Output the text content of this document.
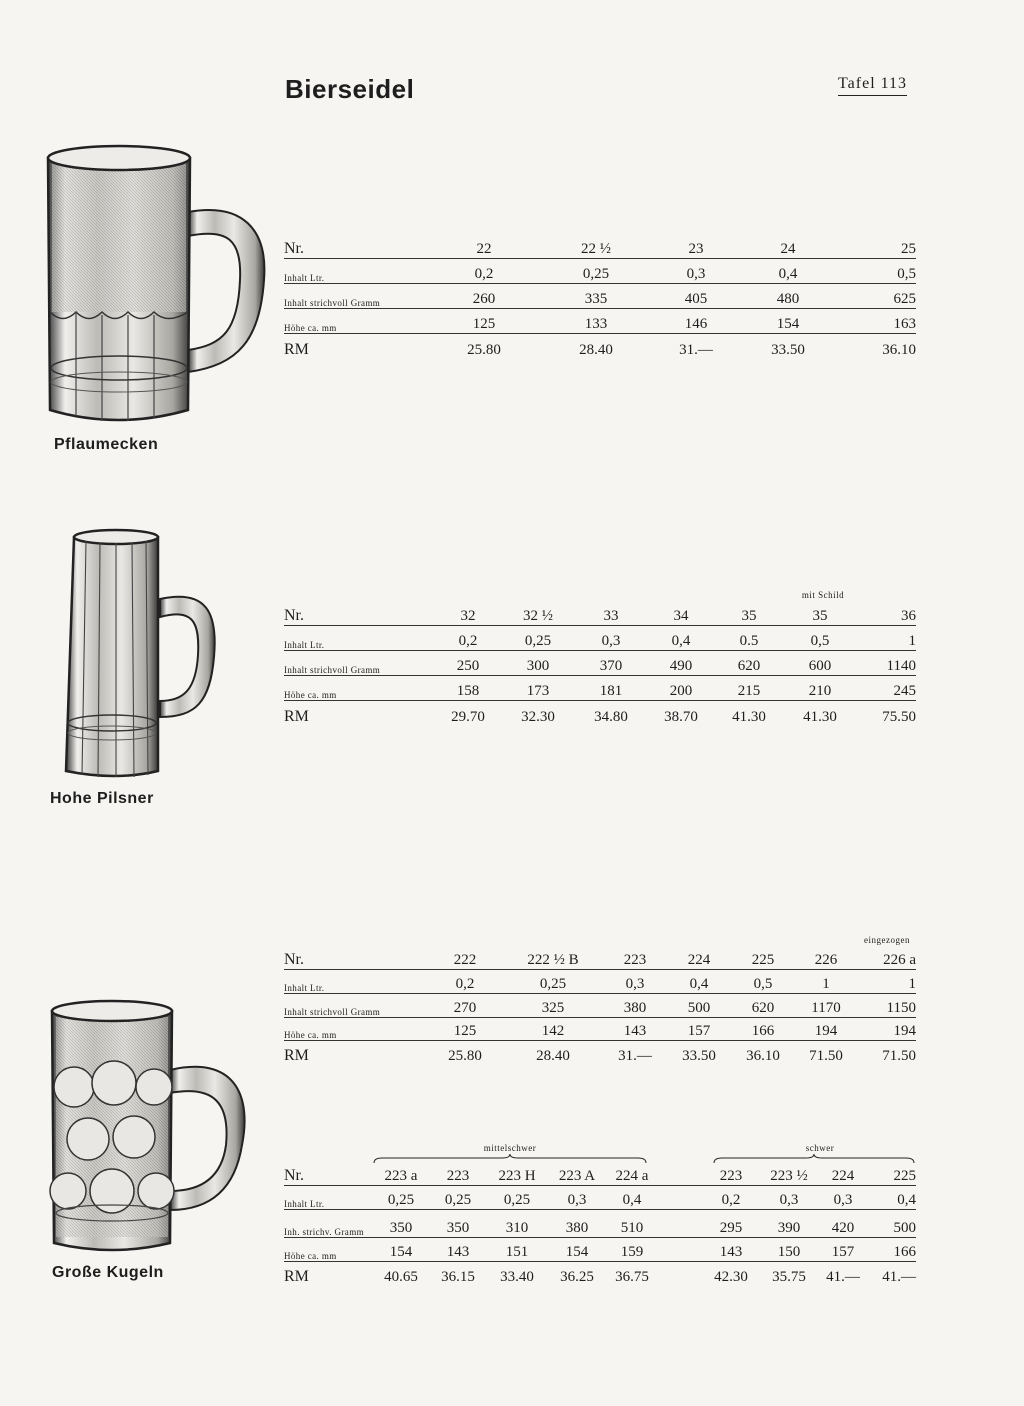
Bierseidel	Tafel 113
Pflaumecken
Hohe Pilsner
Große Kugeln
Nr.	22	22 ½	23	24	25
Inhalt Ltr.	0,2	0,25	0,3	0,4	0,5
Inhalt strichvoll Gramm	260	335	405	480	625
Höhe ca. mm	125	133	146	154	163
RM	25.80	28.40	31.—	33.50	36.10
mit Schild
Nr.	32	32 ½	33	34	35	35	36
Inhalt Ltr.	0,2	0,25	0,3	0,4	0.5	0,5	1
Inhalt strichvoll Gramm	250	300	370	490	620	600	1140
Höhe ca. mm	158	173	181	200	215	210	245
RM	29.70	32.30	34.80	38.70	41.30	41.30	75.50
eingezogen
Nr.	222	222 ½ B	223	224	225	226	226 a
Inhalt Ltr.	0,2	0,25	0,3	0,4	0,5	1	1
Inhalt strichvoll Gramm	270	325	380	500	620	1170	1150
Höhe ca. mm	125	142	143	157	166	194	194
RM	25.80	28.40	31.—	33.50	36.10	71.50	71.50
mittelschwer	schwer
Nr.	223 a	223	223 H	223 A	224 a		223	223 ½	224	225
Inhalt Ltr.	0,25	0,25	0,25	0,3	0,4		0,2	0,3	0,3	0,4
Inh. strichv. Gramm	350	350	310	380	510		295	390	420	500
Höhe ca. mm	154	143	151	154	159		143	150	157	166
RM	40.65	36.15	33.40	36.25	36.75		42.30	35.75	41.—	41.—
